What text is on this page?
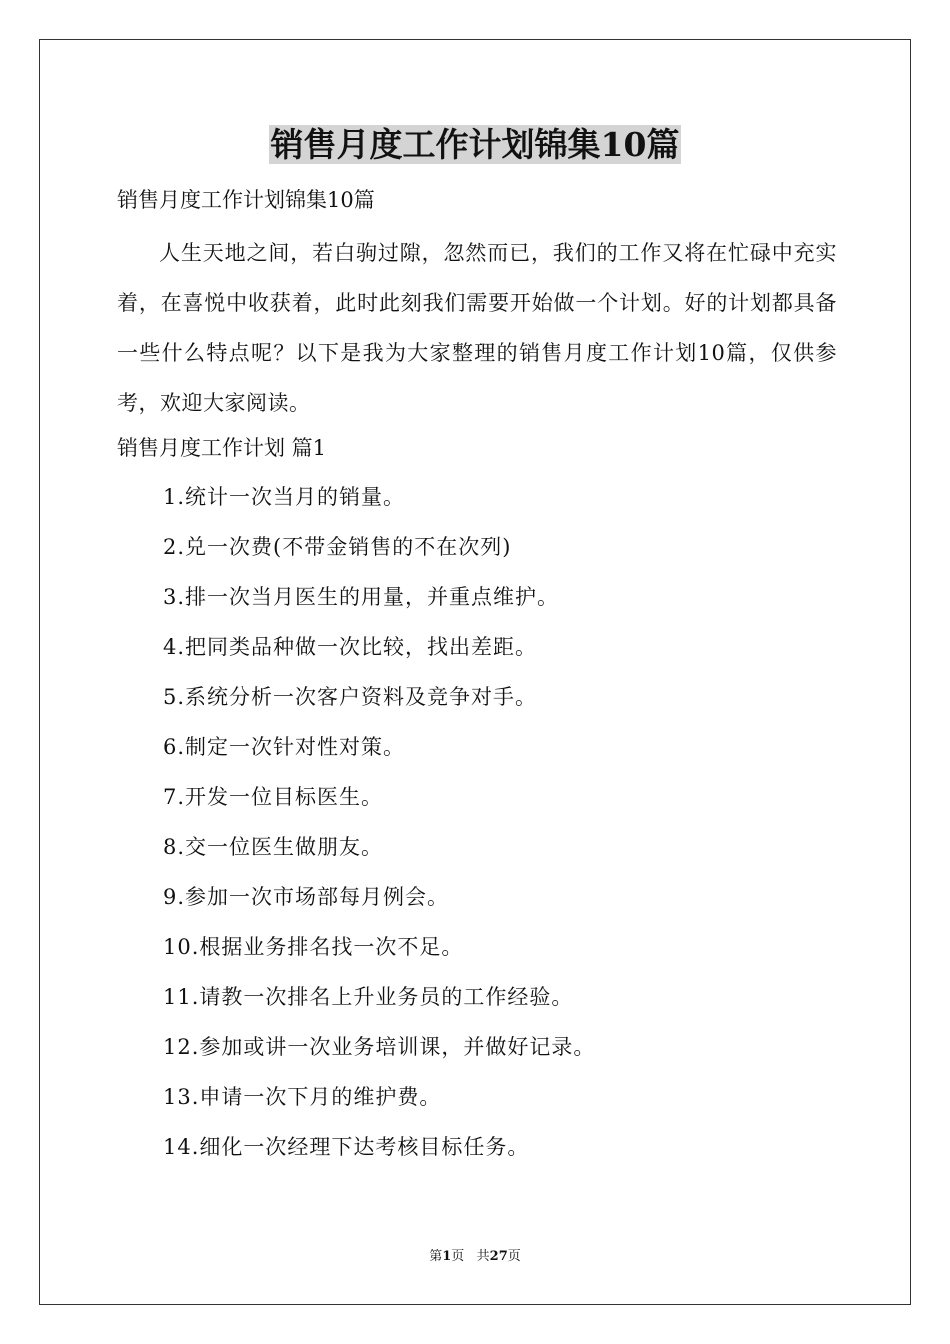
销售月度工作计划锦集10篇

销售月度工作计划锦集10篇

人生天地之间，若白驹过隙，忽然而已，我们的工作又将在忙碌中充实着，在喜悦中收获着，此时此刻我们需要开始做一个计划。好的计划都具备一些什么特点呢？以下是我为大家整理的销售月度工作计划10篇，仅供参考，欢迎大家阅读。

销售月度工作计划 篇1

1.统计一次当月的销量。
2.兑一次费(不带金销售的不在次列)
3.排一次当月医生的用量，并重点维护。
4.把同类品种做一次比较，找出差距。
5.系统分析一次客户资料及竞争对手。
6.制定一次针对性对策。
7.开发一位目标医生。
8.交一位医生做朋友。
9.参加一次市场部每月例会。
10.根据业务排名找一次不足。
11.请教一次排名上升业务员的工作经验。
12.参加或讲一次业务培训课，并做好记录。
13.申请一次下月的维护费。
14.细化一次经理下达考核目标任务。

第1页   共27页
